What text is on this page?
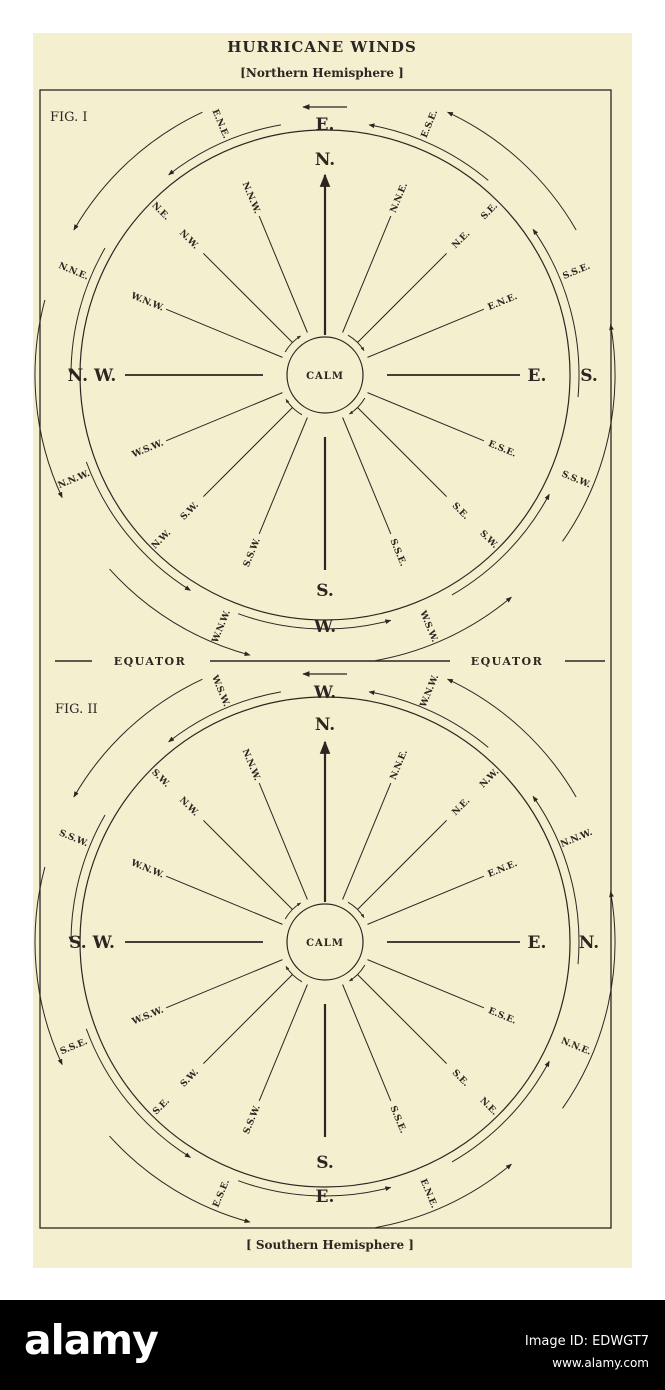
HURRICANE WINDS
[Northern Hemisphere ]
EQUATOR	EQUATOR
FIG. I
CALM
N.N.E.
N.E.
E.N.E.
E.S.E.
S.E.
S.S.E.
S.S.W.
S.W.
W.S.W.
W.N.W.
N.W.
N.N.W.
E.S.E.
S.E.
S.S.E.
S.S.W.
S.W.
W.S.W.
W.N.W.
N.W.
N.N.W.
N.N.E.
N.E.
E.N.E.
N.
E.
S.
E.
N. W.	S.
W.
FIG. II
CALM
N.N.E.
N.E.
E.N.E.
E.S.E.
S.E.
S.S.E.
S.S.W.
S.W.
W.S.W.
W.N.W.
N.W.
N.N.W.
W.N.W.
N.W.
N.N.W.
N.N.E.
N.E.
E.N.E.
E.S.E.
S.E.
S.S.E.
S.S.W.
S.W.
W.S.W.
N.
E.
S.
W.
S. W.	N.
E.
[ Southern Hemisphere ]
alamy	Image ID: EDWGT7
www.alamy.com
